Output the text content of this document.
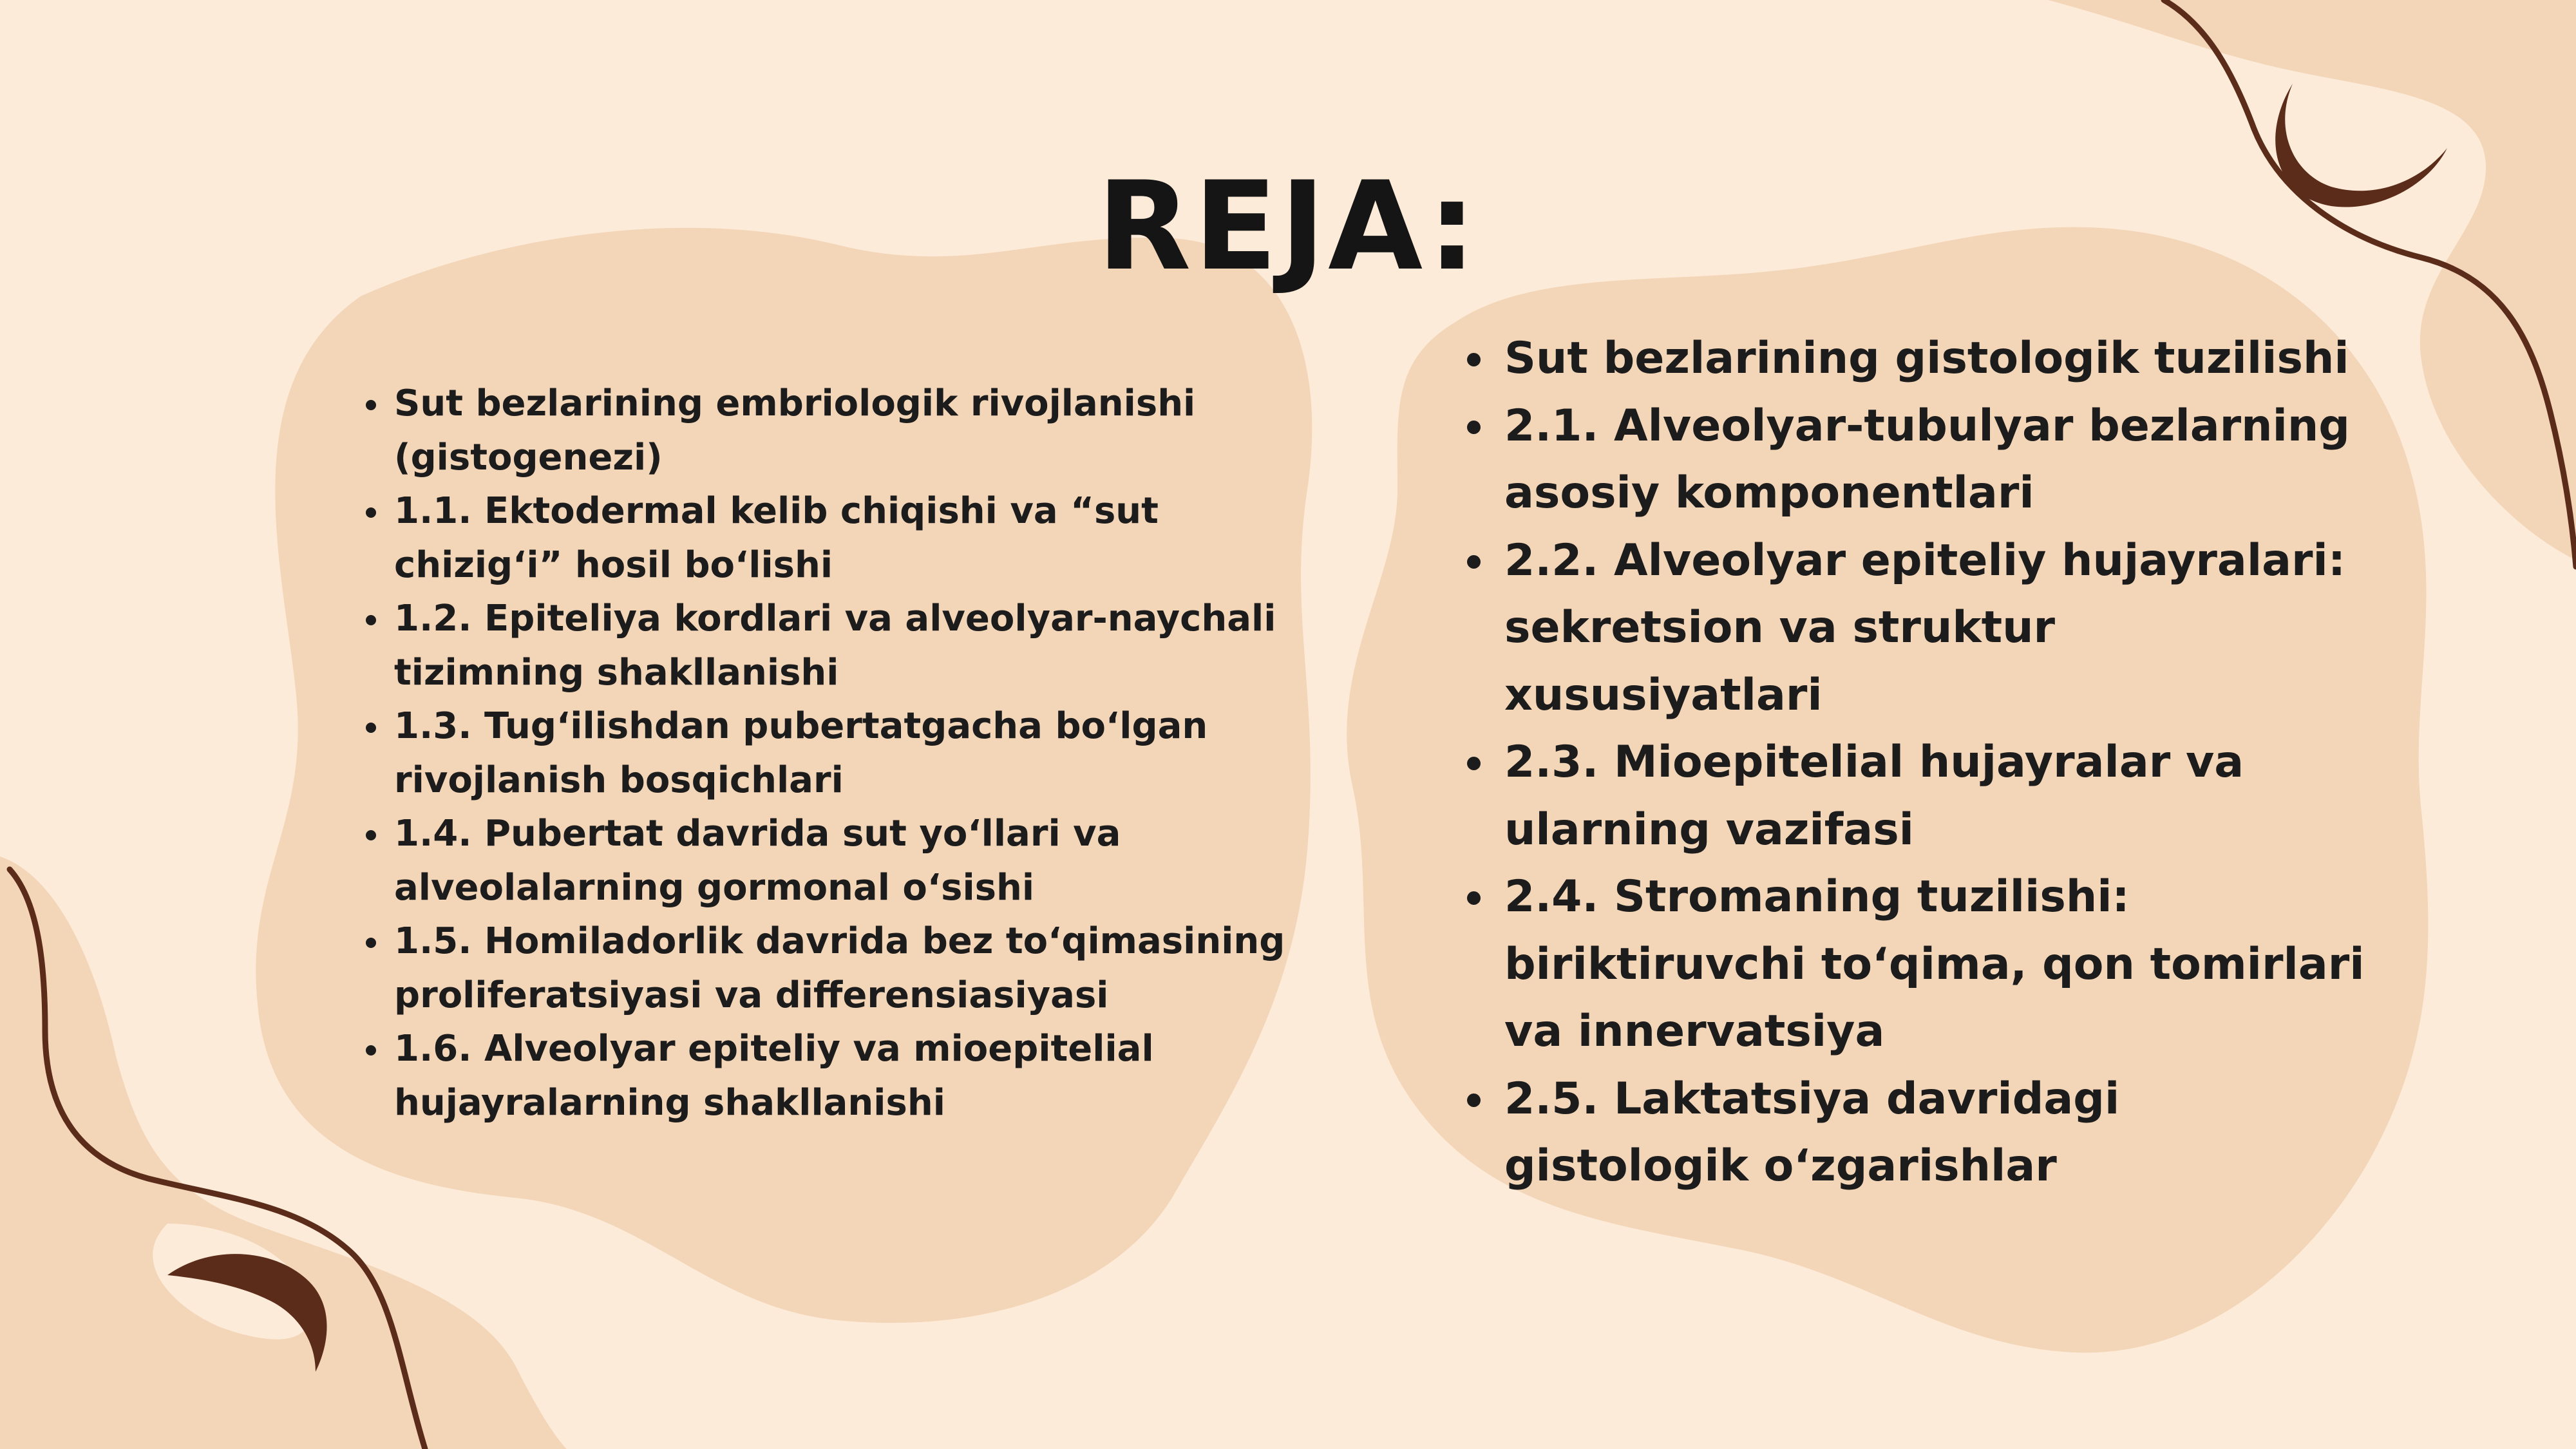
REJA:
Sut bezlarining embriologik rivojlanishi (gistogenezi)
1.1. Ektodermal kelib chiqishi va “sut chizig‘i” hosil bo‘lishi
1.2. Epiteliya kordlari va alveolyar-naychali tizimning shakllanishi
1.3. Tug‘ilishdan pubertatgacha bo‘lgan rivojlanish bosqichlari
1.4. Pubertat davrida sut yo‘llari va alveolalarning gormonal o‘sishi
1.5. Homiladorlik davrida bez to‘qimasining proliferatsiyasi va differensiasiyasi
1.6. Alveolyar epiteliy va mioepitelial hujayralarning shakllanishi
Sut bezlarining gistologik tuzilishi
2.1. Alveolyar-tubulyar bezlarning asosiy komponentlari
2.2. Alveolyar epiteliy hujayralari: sekretsion va struktur xususiyatlari
2.3. Mioepitelial hujayralar va ularning vazifasi
2.4. Stromaning tuzilishi: biriktiruvchi to‘qima, qon tomirlari va innervatsiya
2.5. Laktatsiya davridagi gistologik o‘zgarishlar
